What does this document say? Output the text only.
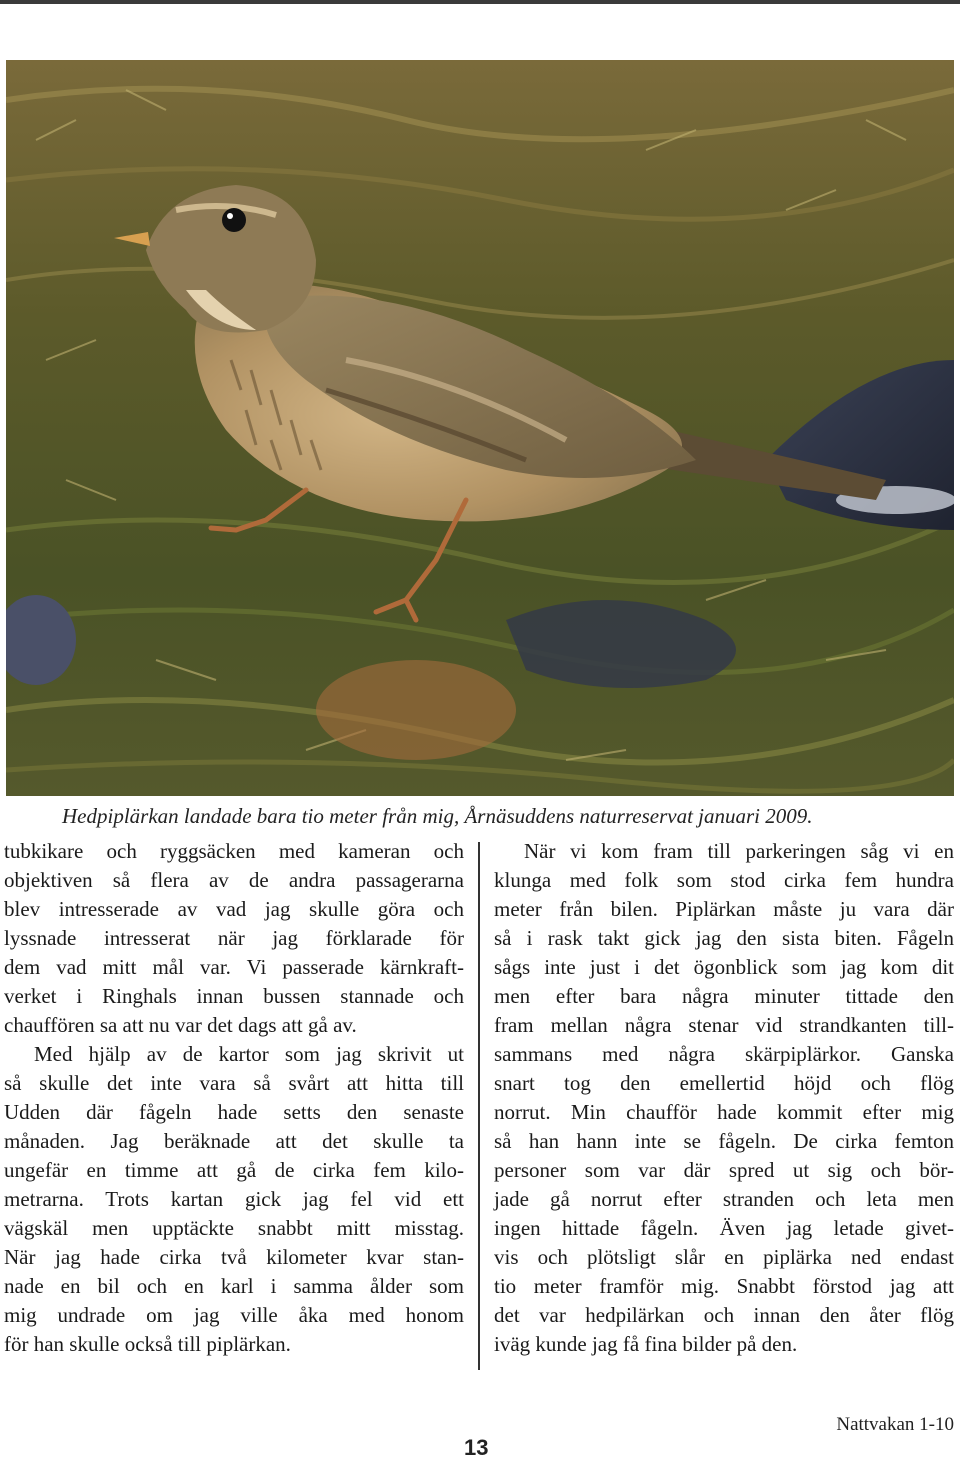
Hedpiplärkan landade bara tio meter från mig, Årnäsuddens naturreservat januari 2009.

tubkikare och ryggsäcken med kameran och
objektiven så flera av de andra passagerarna
blev intresserade av vad jag skulle göra och
lyssnade intresserat när jag förklarade för
dem vad mitt mål var. Vi passerade kärnkraft-
verket i Ringhals innan bussen stannade och
chauffören sa att nu var det dags att gå av.

Med hjälp av de kartor som jag skrivit ut
så skulle det inte vara så svårt att hitta till
Udden där fågeln hade setts den senaste
månaden. Jag beräknade att det skulle ta
ungefär en timme att gå de cirka fem kilo-
metrarna. Trots kartan gick jag fel vid ett
vägskäl men upptäckte snabbt mitt misstag.
När jag hade cirka två kilometer kvar stan-
nade en bil och en karl i samma ålder som
mig undrade om jag ville åka med honom
för han skulle också till piplärkan.

När vi kom fram till parkeringen såg vi en
klunga med folk som stod cirka fem hundra
meter från bilen. Piplärkan måste ju vara där
så i rask takt gick jag den sista biten. Fågeln
sågs inte just i det ögonblick som jag kom dit
men efter bara några minuter tittade den
fram mellan några stenar vid strandkanten till-
sammans med några skärpiplärkor. Ganska
snart tog den emellertid höjd och flög
norrut. Min chaufför hade kommit efter mig
så han hann inte se fågeln. De cirka femton
personer som var där spred ut sig och bör-
jade gå norrut efter stranden och leta men
ingen hittade fågeln. Även jag letade givet-
vis och plötsligt slår en piplärka ned endast
tio meter framför mig. Snabbt förstod jag att
det var hedpilärkan och innan den åter flög
iväg kunde jag få fina bilder på den.

Nattvakan 1-10
13
